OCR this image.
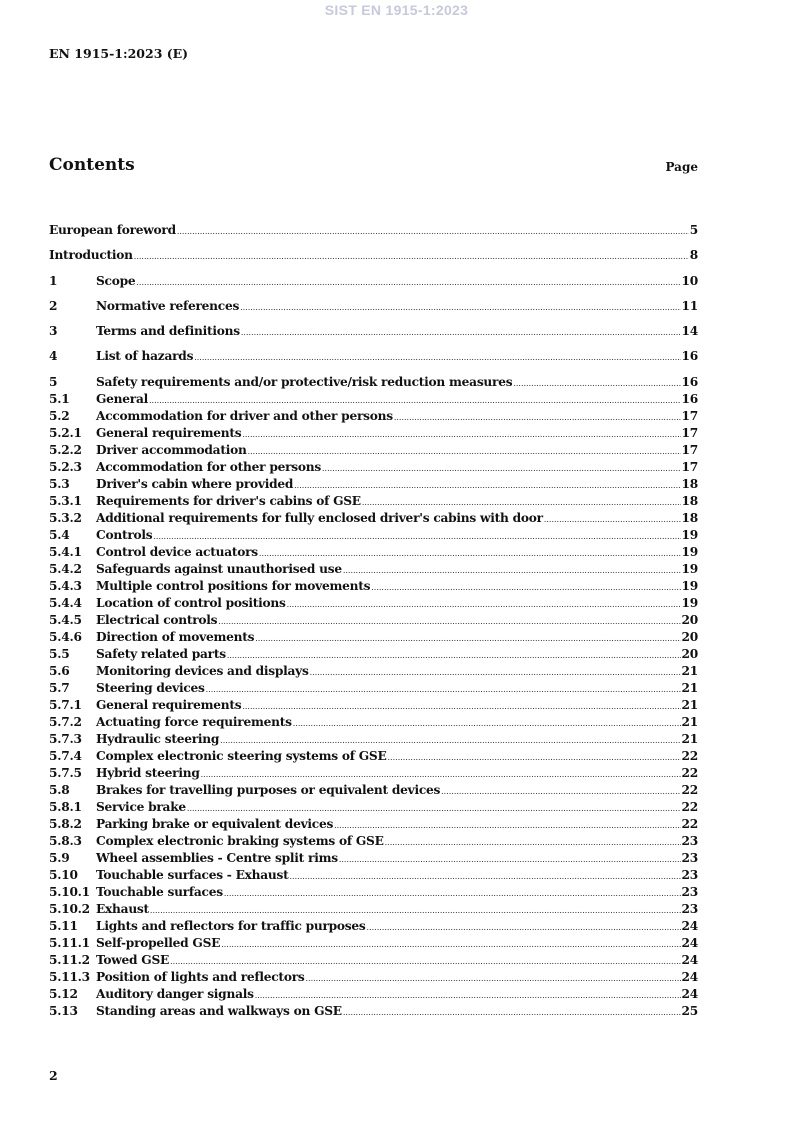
SIST EN 1915-1:2023
EN 1915-1:2023 (E)
Contents	Page
European foreword .....	5
Introduction .....	8
1	Scope .....	10
2	Normative references .....	11
3	Terms and definitions .....	14
4	List of hazards .....	16
5	Safety requirements and/or protective/risk reduction measures .....	16
5.1	General .....	16
5.2	Accommodation for driver and other persons .....	17
5.2.1	General requirements .....	17
5.2.2	Driver accommodation .....	17
5.2.3	Accommodation for other persons .....	17
5.3	Driver's cabin where provided .....	18
5.3.1	Requirements for driver's cabins of GSE .....	18
5.3.2	Additional requirements for fully enclosed driver's cabins with door .....	18
5.4	Controls .....	19
5.4.1	Control device actuators .....	19
5.4.2	Safeguards against unauthorised use .....	19
5.4.3	Multiple control positions for movements .....	19
5.4.4	Location of control positions .....	19
5.4.5	Electrical controls .....	20
5.4.6	Direction of movements .....	20
5.5	Safety related parts .....	20
5.6	Monitoring devices and displays .....	21
5.7	Steering devices .....	21
5.7.1	General requirements .....	21
5.7.2	Actuating force requirements .....	21
5.7.3	Hydraulic steering .....	21
5.7.4	Complex electronic steering systems of GSE .....	22
5.7.5	Hybrid steering .....	22
5.8	Brakes for travelling purposes or equivalent devices .....	22
5.8.1	Service brake .....	22
5.8.2	Parking brake or equivalent devices .....	22
5.8.3	Complex electronic braking systems of GSE .....	23
5.9	Wheel assemblies - Centre split rims .....	23
5.10	Touchable surfaces - Exhaust .....	23
5.10.1 Touchable surfaces .....	23
5.10.2 Exhaust .....	23
5.11	Lights and reflectors for traffic purposes .....	24
5.11.1 Self-propelled GSE .....	24
5.11.2 Towed GSE .....	24
5.11.3 Position of lights and reflectors .....	24
5.12	Auditory danger signals .....	24
5.13	Standing areas and walkways on GSE .....	25
2
